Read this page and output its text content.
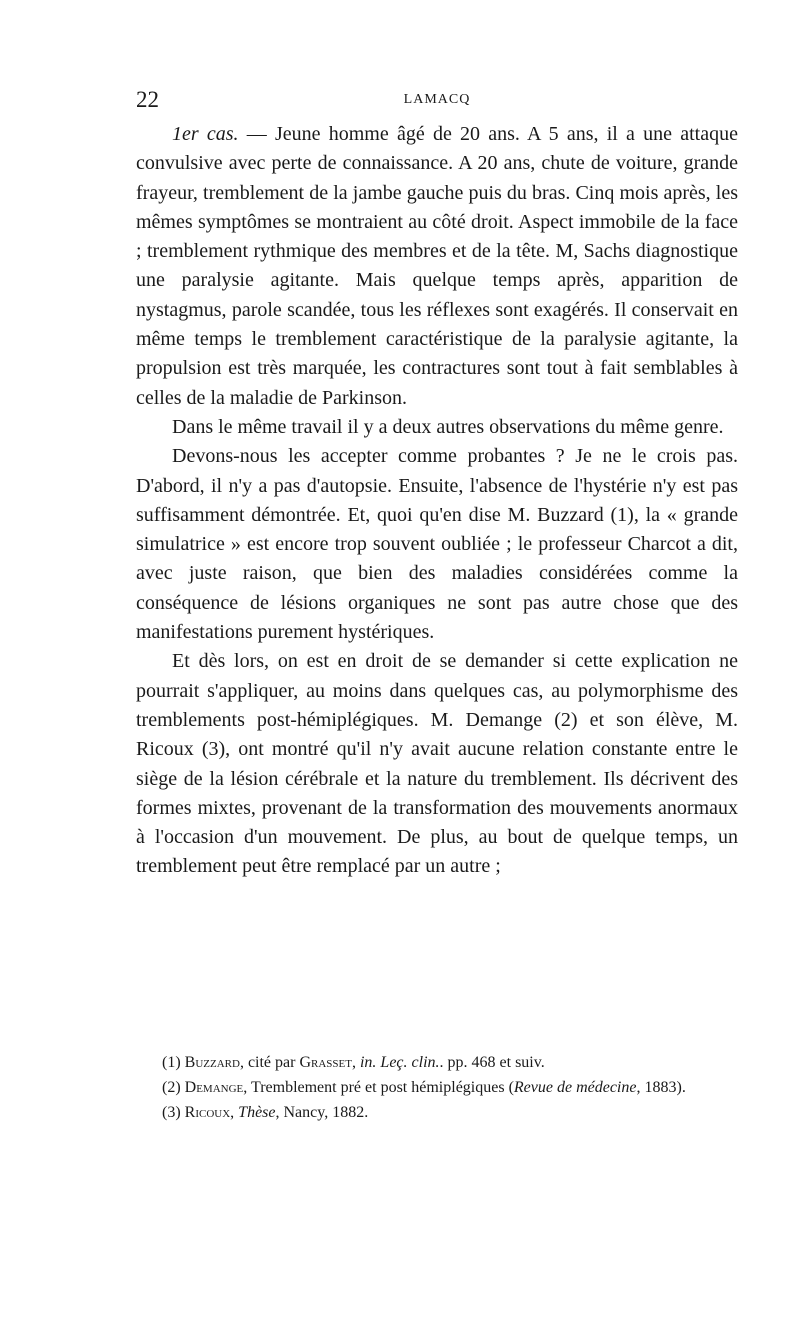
22	LAMACQ

1er cas. — Jeune homme âgé de 20 ans. A 5 ans, il a une attaque convulsive avec perte de connaissance. A 20 ans, chute de voiture, grande frayeur, tremblement de la jambe gauche puis du bras. Cinq mois après, les mêmes symptômes se montraient au côté droit. Aspect immobile de la face ; tremblement rythmique des membres et de la tête. M, Sachs diagnostique une paralysie agitante. Mais quelque temps après, apparition de nystagmus, parole scandée, tous les réflexes sont exagérés. Il conservait en même temps le tremblement caractéristique de la paralysie agitante, la propulsion est très marquée, les contractures sont tout à fait semblables à celles de la maladie de Parkinson.

Dans le même travail il y a deux autres observations du même genre.

Devons-nous les accepter comme probantes ? Je ne le crois pas. D'abord, il n'y a pas d'autopsie. Ensuite, l'absence de l'hystérie n'y est pas suffisamment démontrée. Et, quoi qu'en dise M. Buzzard (1), la « grande simulatrice » est encore trop souvent oubliée ; le professeur Charcot a dit, avec juste raison, que bien des maladies considérées comme la conséquence de lésions organiques ne sont pas autre chose que des manifestations purement hystériques.

Et dès lors, on est en droit de se demander si cette explication ne pourrait s'appliquer, au moins dans quelques cas, au polymorphisme des tremblements post-hémiplégiques. M. Demange (2) et son élève, M. Ricoux (3), ont montré qu'il n'y avait aucune relation constante entre le siège de la lésion cérébrale et la nature du tremblement. Ils décrivent des formes mixtes, provenant de la transformation des mouvements anormaux à l'occasion d'un mouvement. De plus, au bout de quelque temps, un tremblement peut être remplacé par un autre ;

(1) Buzzard, cité par Grasset, in. Leç. clin.. pp. 468 et suiv.

(2) Demange, Tremblement pré et post hémiplégiques (Revue de médecine, 1883).

(3) Ricoux, Thèse, Nancy, 1882.
